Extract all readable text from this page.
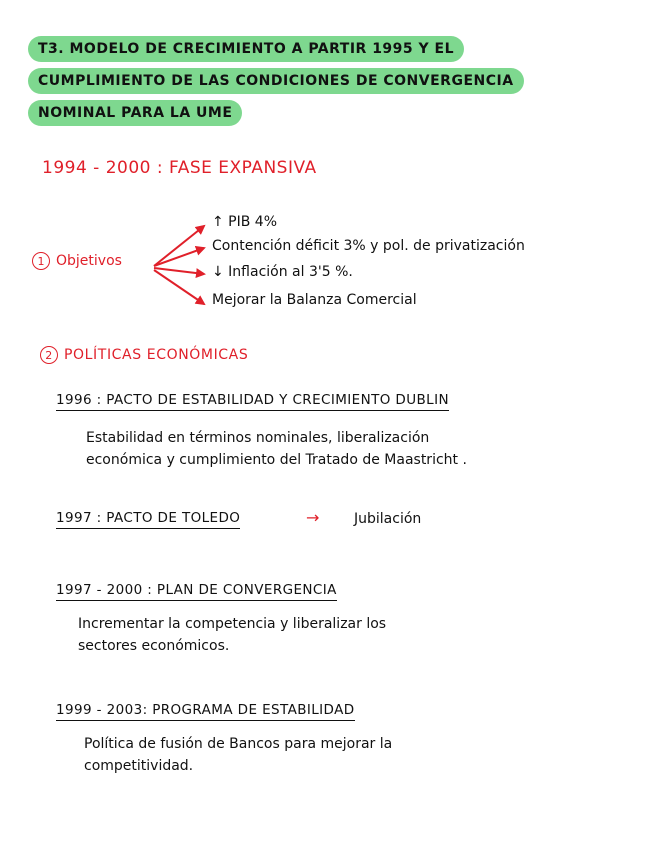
T3. MODELO DE CRECIMIENTO A PARTIR 1995 Y EL
CUMPLIMIENTO DE LAS CONDICIONES DE CONVERGENCIA
NOMINAL PARA LA UME
1994 - 2000 : FASE EXPANSIVA
1 Objetivos
↑ PIB 4%
Contención déficit 3% y pol. de privatización
↓ Inflación al 3'5 %.
Mejorar la Balanza Comercial
2 POLÍTICAS ECONÓMICAS
1996 : PACTO DE ESTABILIDAD Y CRECIMIENTO DUBLIN
Estabilidad en términos nominales, liberalización
económica y cumplimiento del Tratado de Maastricht .
1997 : PACTO DE TOLEDO	→ Jubilación
1997 - 2000 : PLAN DE CONVERGENCIA
Incrementar la competencia y liberalizar los
sectores económicos.
1999 - 2003: PROGRAMA DE ESTABILIDAD
Política de fusión de Bancos para mejorar la
competitividad.
